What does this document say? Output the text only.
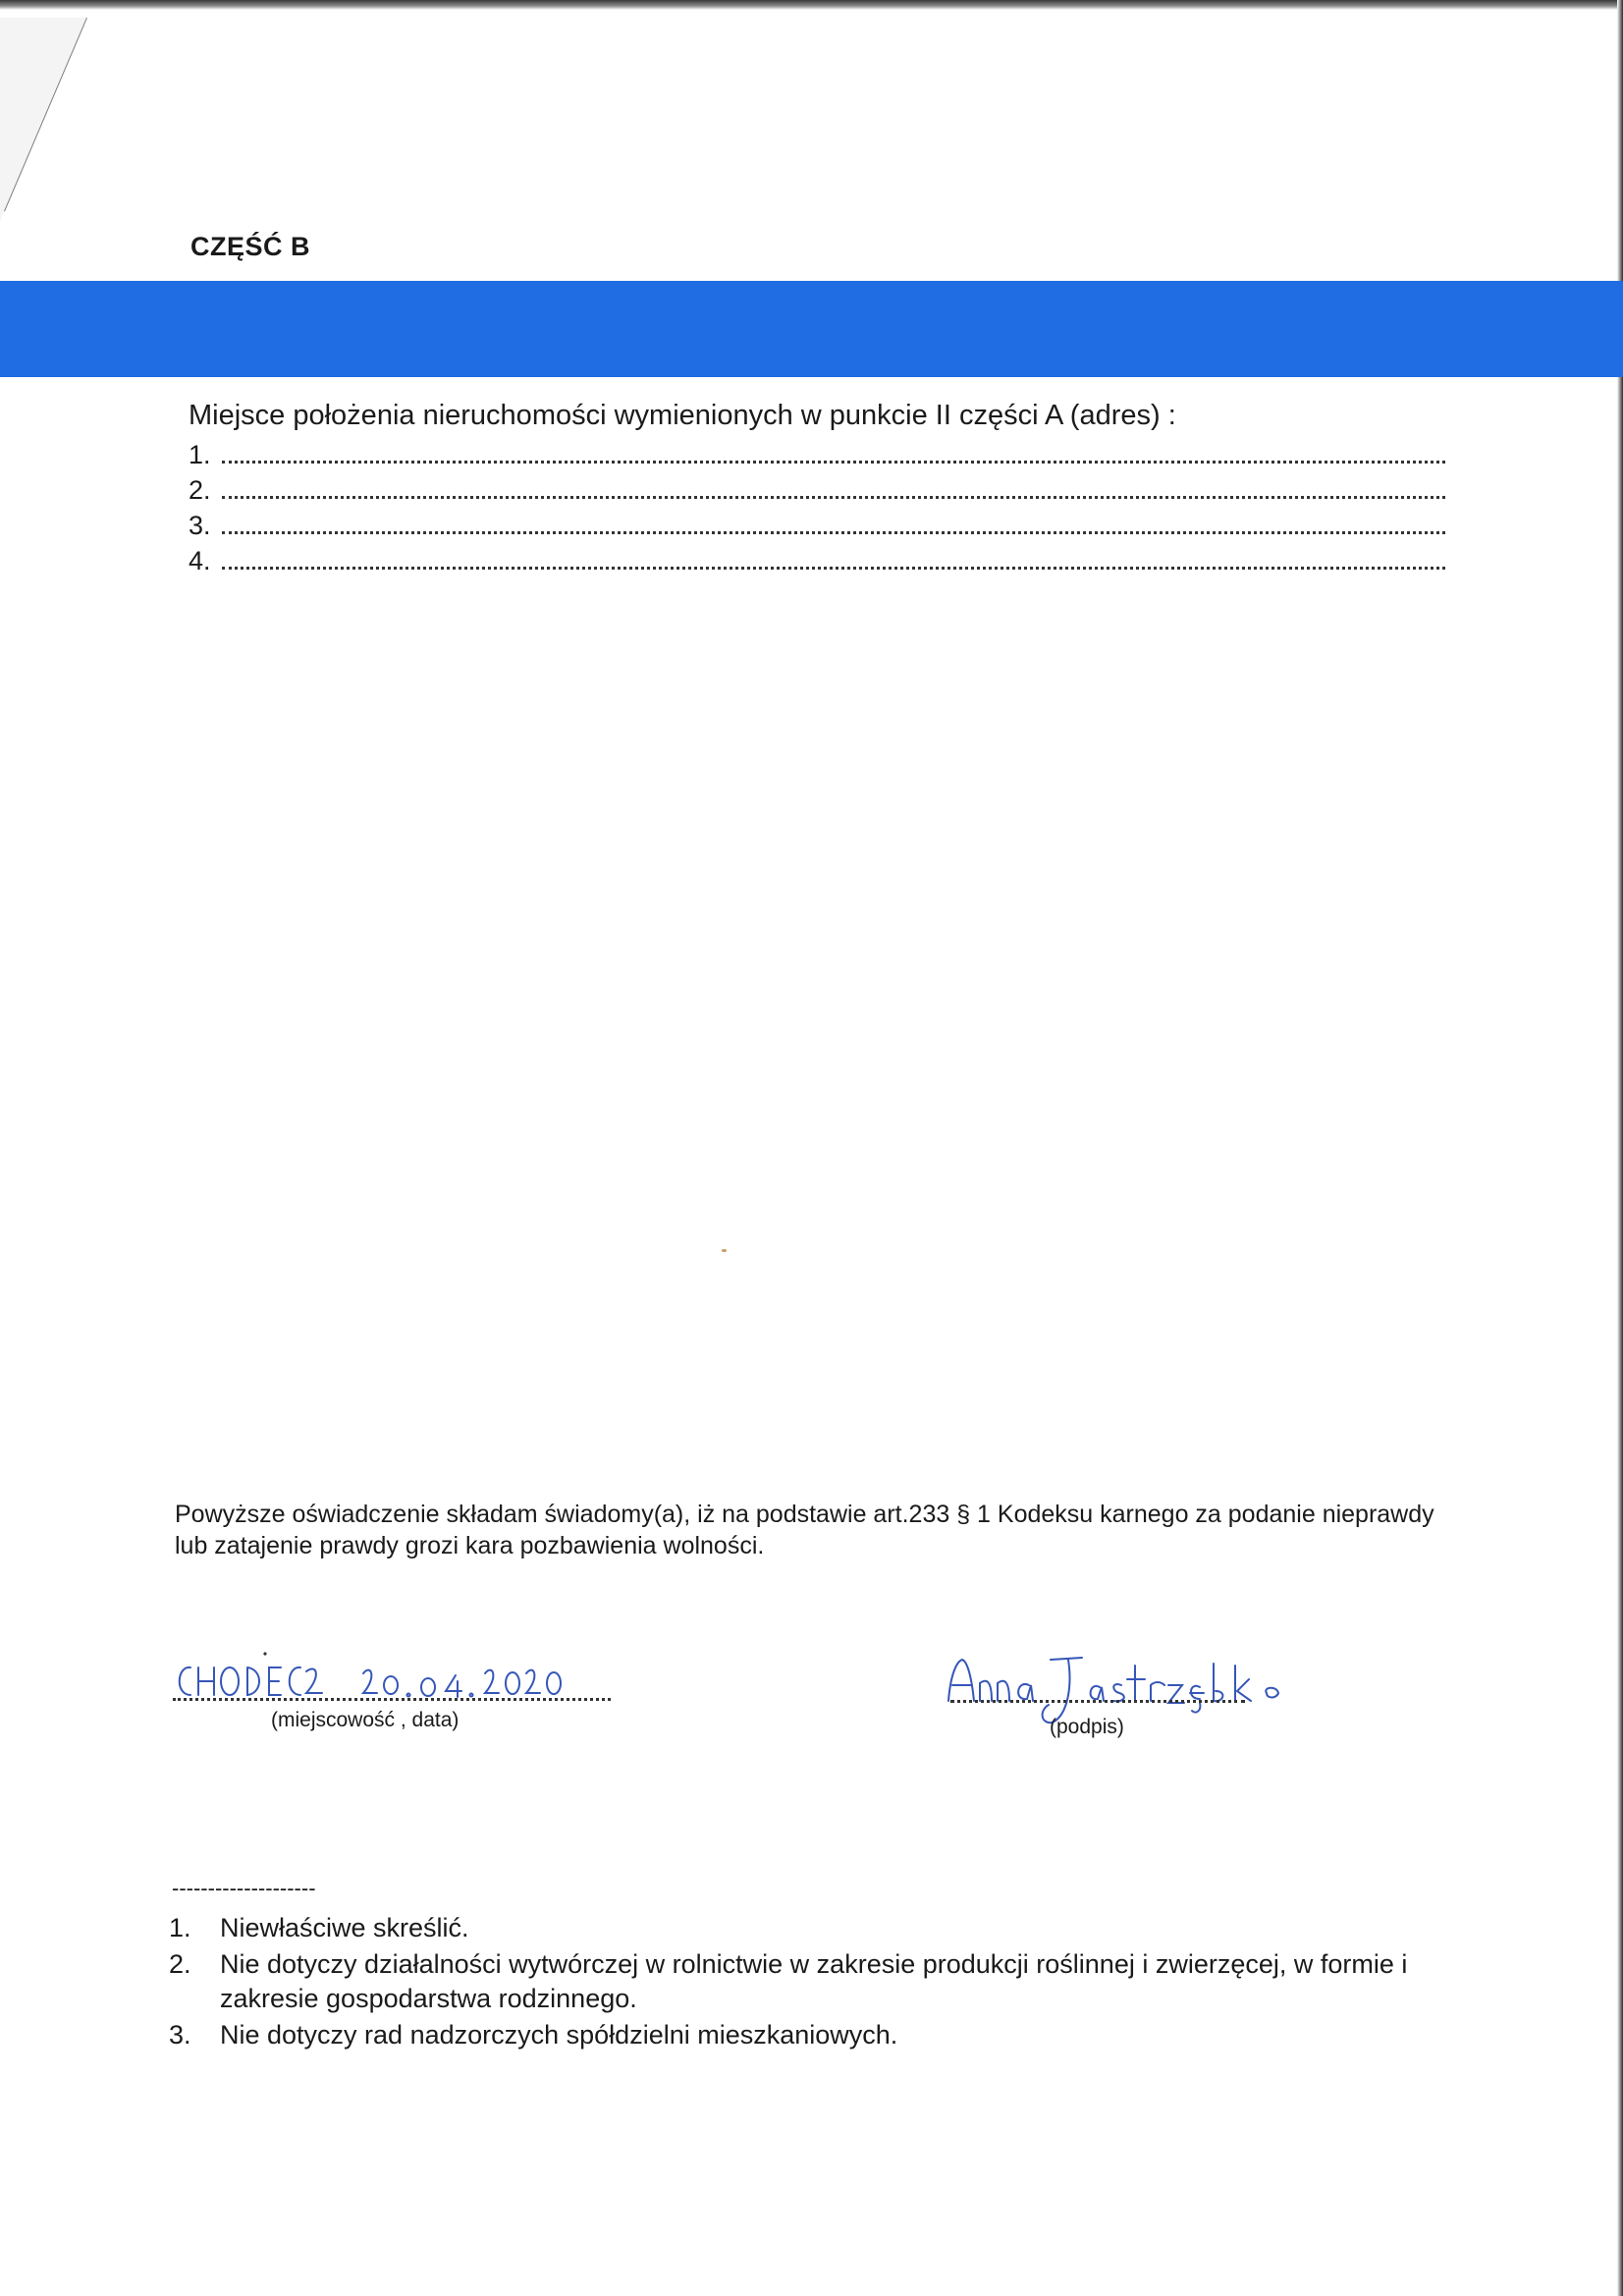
CZĘŚĆ B

Miejsce położenia nieruchomości wymienionych w punkcie II części A (adres) :

1.
2.
3.
4.

Powyższe oświadczenie składam świadomy(a), iż na podstawie art.233 § 1 Kodeksu karnego za podanie nieprawdy lub zatajenie prawdy grozi kara pozbawienia wolności.

(miejscowość , data)	(podpis)

--------------------

1.	Niewłaściwe skreślić.
2.	Nie dotyczy działalności wytwórczej w rolnictwie w zakresie produkcji roślinnej i zwierzęcej, w formie i zakresie gospodarstwa rodzinnego.
3.	Nie dotyczy rad nadzorczych spółdzielni mieszkaniowych.
